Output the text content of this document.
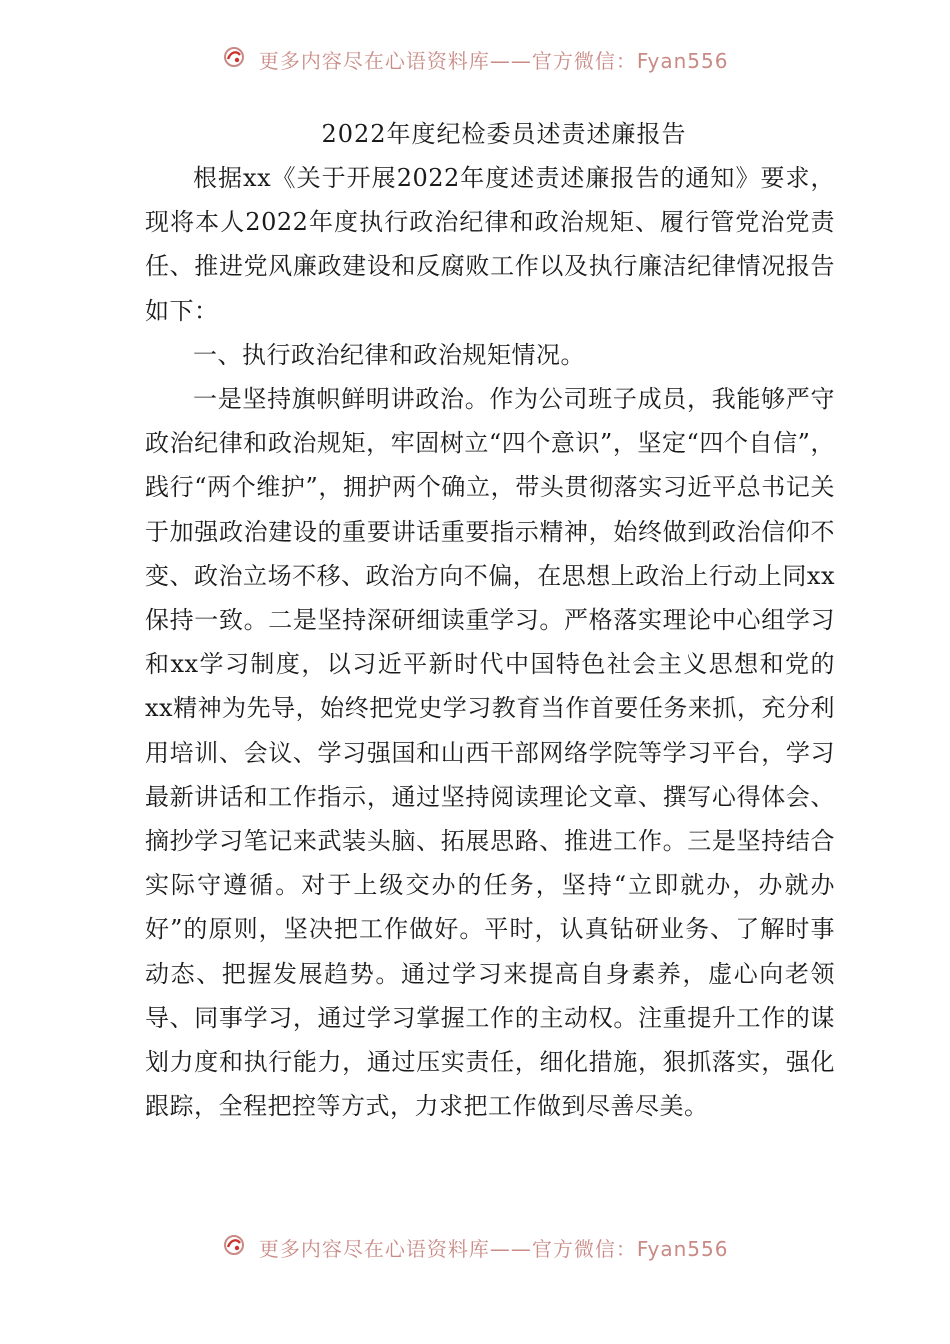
更多内容尽在心语资料库——官方微信：Fyan556
2022年度纪检委员述责述廉报告

根据xx《关于开展2022年度述责述廉报告的通知》要求，现将本人2022年度执行政治纪律和政治规矩、履行管党治党责任、推进党风廉政建设和反腐败工作以及执行廉洁纪律情况报告如下：

一、执行政治纪律和政治规矩情况。

一是坚持旗帜鲜明讲政治。作为公司班子成员，我能够严守政治纪律和政治规矩，牢固树立“四个意识”，坚定“四个自信”，践行“两个维护”，拥护两个确立，带头贯彻落实习近平总书记关于加强政治建设的重要讲话重要指示精神，始终做到政治信仰不变、政治立场不移、政治方向不偏，在思想上政治上行动上同xx保持一致。二是坚持深研细读重学习。严格落实理论中心组学习和xx学习制度，以习近平新时代中国特色社会主义思想和党的xx精神为先导，始终把党史学习教育当作首要任务来抓，充分利用培训、会议、学习强国和山西干部网络学院等学习平台，学习最新讲话和工作指示，通过坚持阅读理论文章、撰写心得体会、摘抄学习笔记来武装头脑、拓展思路、推进工作。三是坚持结合实际守遵循。对于上级交办的任务，坚持“立即就办，办就办好”的原则，坚决把工作做好。平时，认真钻研业务、了解时事动态、把握发展趋势。通过学习来提高自身素养，虚心向老领导、同事学习，通过学习掌握工作的主动权。注重提升工作的谋划力度和执行能力，通过压实责任，细化措施，狠抓落实，强化跟踪，全程把控等方式，力求把工作做到尽善尽美。

更多内容尽在心语资料库——官方微信：Fyan556
